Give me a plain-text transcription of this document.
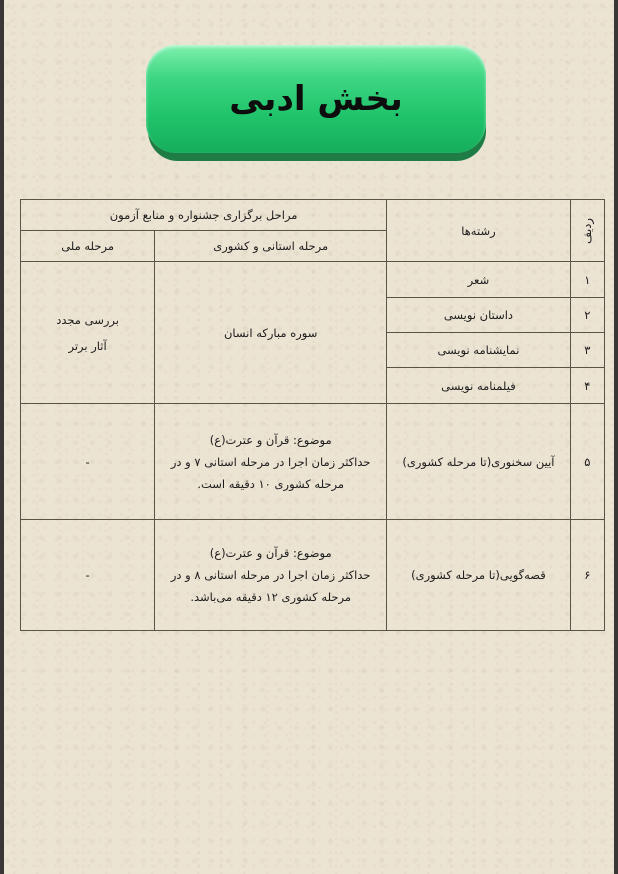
بخش ادبی
ردیف	رشته‌ها	مراحل برگزاری جشنواره و منابع آزمون	
		مرحله استانی و کشوری	مرحله ملی
۱	شعر	سوره مبارکه انسان	بررسی مجدد
آثار برتر

۲	داستان نویسی		
۳	نمایشنامه نویسی		
۴	فیلمنامه نویسی		
۵	آیین سخنوری(تا مرحله کشوری)	موضوع: قرآن و عترت(ع)
حداکثر زمان اجرا در مرحله استانی ۷ و در
مرحله کشوری ۱۰ دقیقه است.	-
۶	قصه‌گویی(تا مرحله کشوری)	موضوع: قرآن و عترت(ع)
حداکثر زمان اجرا در مرحله استانی ۸ و در
مرحله کشوری ۱۲ دقیقه می‌باشد.	-
